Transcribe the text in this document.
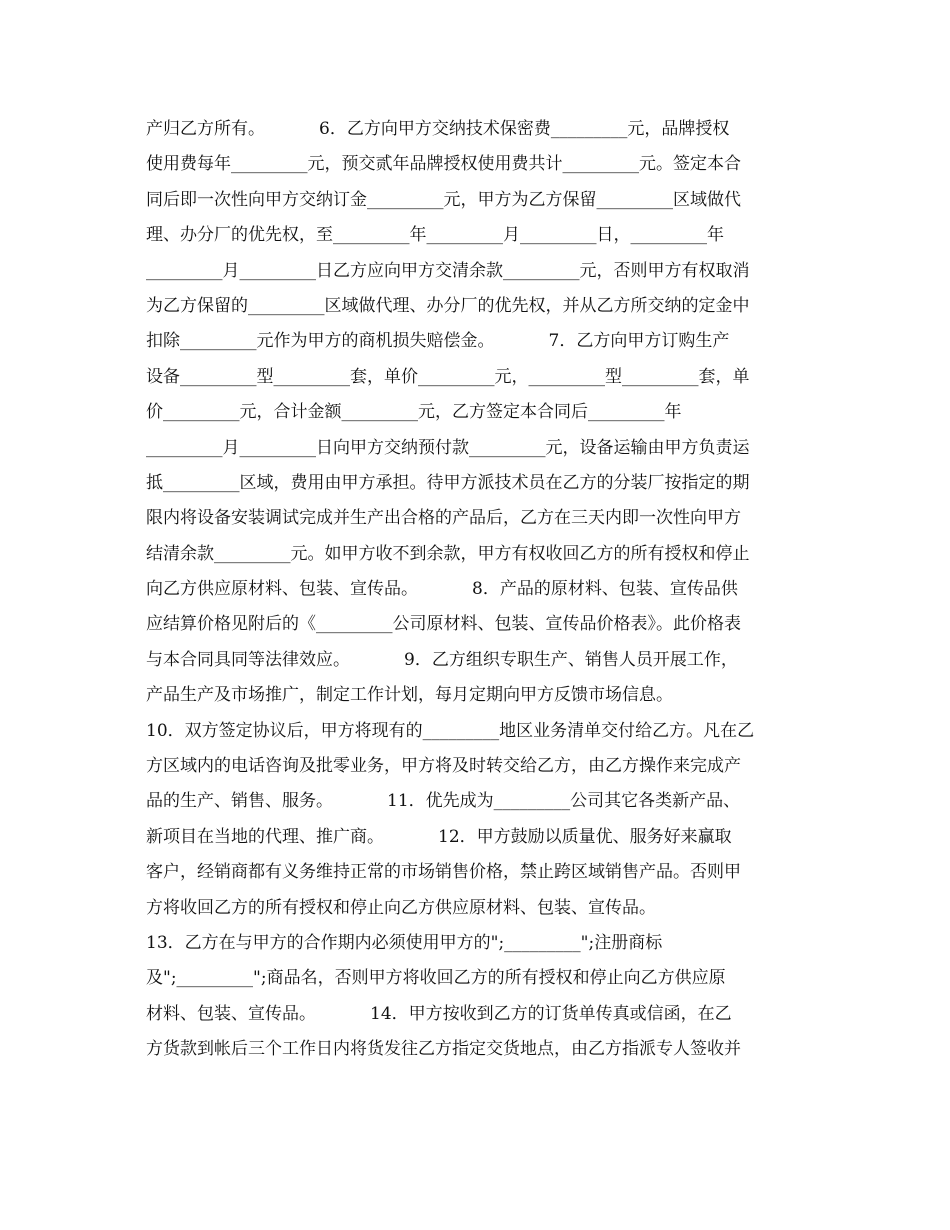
产归乙方所有。          6．乙方向甲方交纳技术保密费_________元，品牌授权
使用费每年_________元，预交贰年品牌授权使用费共计_________元。签定本合
同后即一次性向甲方交纳订金_________元，甲方为乙方保留_________区域做代
理、办分厂的优先权，至_________年_________月_________日，_________年
_________月_________日乙方应向甲方交清余款_________元，否则甲方有权取消
为乙方保留的_________区域做代理、办分厂的优先权，并从乙方所交纳的定金中
扣除_________元作为甲方的商机损失赔偿金。          7．乙方向甲方订购生产
设备_________型_________套，单价_________元，_________型_________套，单
价_________元，合计金额_________元，乙方签定本合同后_________年
_________月_________日向甲方交纳预付款_________元，设备运输由甲方负责运
抵_________区域，费用由甲方承担。待甲方派技术员在乙方的分装厂按指定的期
限内将设备安装调试完成并生产出合格的产品后，乙方在三天内即一次性向甲方
结清余款_________元。如甲方收不到余款，甲方有权收回乙方的所有授权和停止
向乙方供应原材料、包装、宣传品。          8．产品的原材料、包装、宣传品供
应结算价格见附后的《_________公司原材料、包装、宣传品价格表》。此价格表
与本合同具同等法律效应。          9．乙方组织专职生产、销售人员开展工作，
产品生产及市场推广，制定工作计划，每月定期向甲方反馈市场信息。
10．双方签定协议后，甲方将现有的_________地区业务清单交付给乙方。凡在乙
方区域内的电话咨询及批零业务，甲方将及时转交给乙方，由乙方操作来完成产
品的生产、销售、服务。          11．优先成为_________公司其它各类新产品、
新项目在当地的代理、推广商。          12．甲方鼓励以质量优、服务好来赢取
客户，经销商都有义务维持正常的市场销售价格，禁止跨区域销售产品。否则甲
方将收回乙方的所有授权和停止向乙方供应原材料、包装、宣传品。
13．乙方在与甲方的合作期内必须使用甲方的";_________";注册商标
及";_________";商品名，否则甲方将收回乙方的所有授权和停止向乙方供应原
材料、包装、宣传品。          14．甲方按收到乙方的订货单传真或信函，在乙
方货款到帐后三个工作日内将货发往乙方指定交货地点，由乙方指派专人签收并
